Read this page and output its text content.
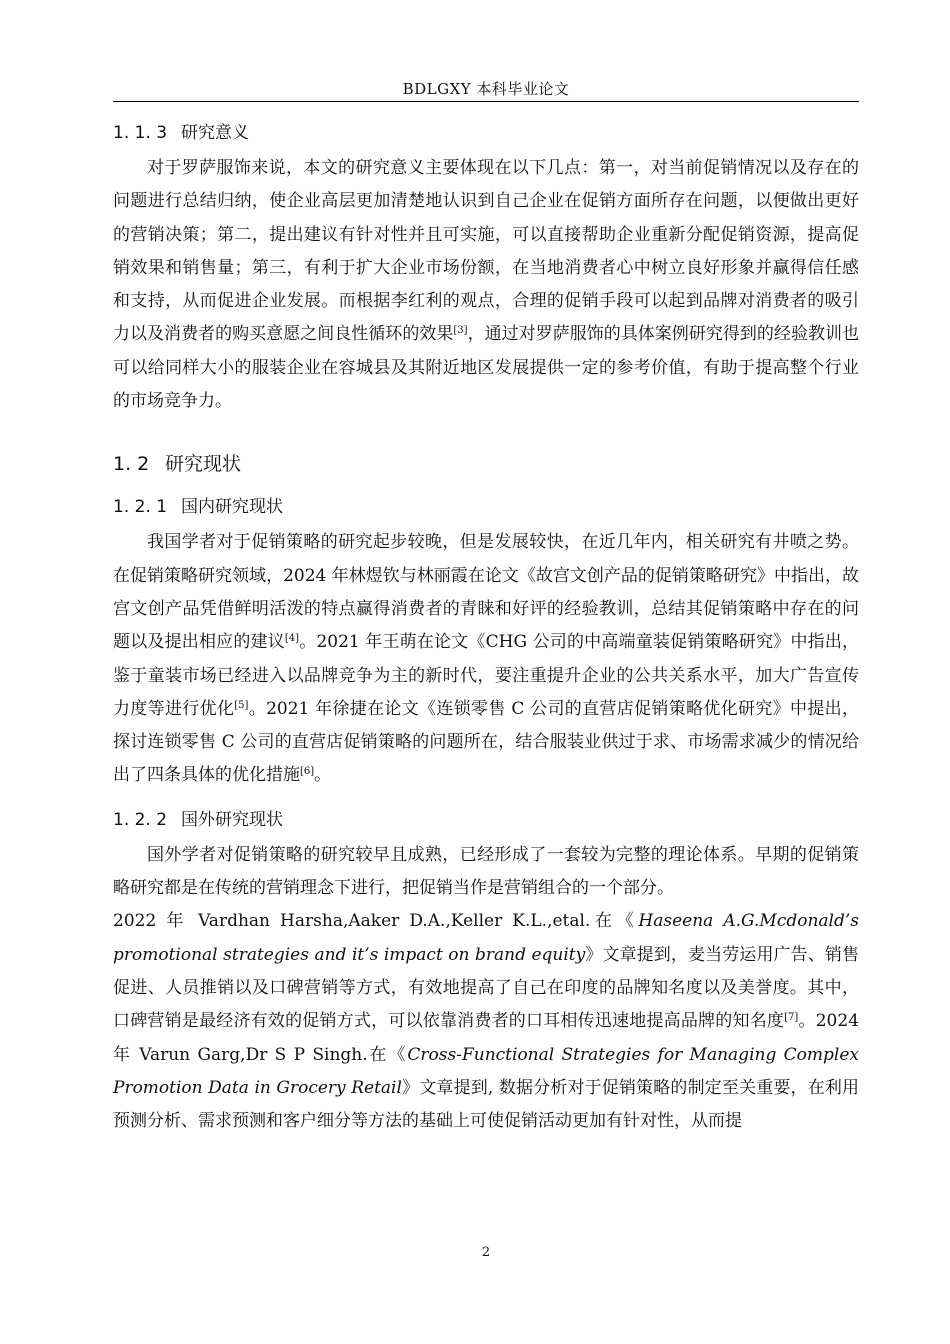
BDLGXY 本科毕业论文
1. 1. 3 研究意义

对于罗萨服饰来说，本文的研究意义主要体现在以下几点：第一，对当前促销情况以及存在的问题进行总结归纳，使企业高层更加清楚地认识到自己企业在促销方面所存在问题，以便做出更好的营销决策；第二，提出建议有针对性并且可实施，可以直接帮助企业重新分配促销资源，提高促销效果和销售量；第三，有利于扩大企业市场份额，在当地消费者心中树立良好形象并赢得信任感和支持，从而促进企业发展。而根据李红利的观点，合理的促销手段可以起到品牌对消费者的吸引力以及消费者的购买意愿之间良性循环的效果[3]，通过对罗萨服饰的具体案例研究得到的经验教训也可以给同样大小的服装企业在容城县及其附近地区发展提供一定的参考价值，有助于提高整个行业的市场竞争力。

1. 2 研究现状
1. 2. 1 国内研究现状

我国学者对于促销策略的研究起步较晚，但是发展较快，在近几年内，相关研究有井喷之势。在促销策略研究领域，2024 年林煜钦与林丽霞在论文《故宫文创产品的促销策略研究》中指出，故宫文创产品凭借鲜明活泼的特点赢得消费者的青睐和好评的经验教训，总结其促销策略中存在的问题以及提出相应的建议[4]。2021 年王萌在论文《CHG 公司的中高端童装促销策略研究》中指出，鉴于童装市场已经进入以品牌竞争为主的新时代，要注重提升企业的公共关系水平，加大广告宣传力度等进行优化[5]。2021 年徐捷在论文《连锁零售 C 公司的直营店促销策略优化研究》中提出，探讨连锁零售 C 公司的直营店促销策略的问题所在，结合服装业供过于求、市场需求减少的情况给出了四条具体的优化措施[6]。

1. 2. 2 国外研究现状

国外学者对促销策略的研究较早且成熟，已经形成了一套较为完整的理论体系。早期的促销策略研究都是在传统的营销理念下进行，把促销当作是营销组合的一个部分。

2022 年 Vardhan Harsha,Aaker D.A.,Keller K.L.,etal.在《Haseena A.G.Mcdonald’s promotional strategies and it’s impact on brand equity》文章提到，麦当劳运用广告、销售促进、人员推销以及口碑营销等方式，有效地提高了自己在印度的品牌知名度以及美誉度。其中，口碑营销是最经济有效的促销方式，可以依靠消费者的口耳相传迅速地提高品牌的知名度[7]。2024 年 Varun Garg,Dr S P Singh.在《Cross-Functional Strategies for Managing Complex Promotion Data in Grocery Retail》文章提到, 数据分析对于促销策略的制定至关重要，在利用预测分析、需求预测和客户细分等方法的基础上可使促销活动更加有针对性，从而提

2
